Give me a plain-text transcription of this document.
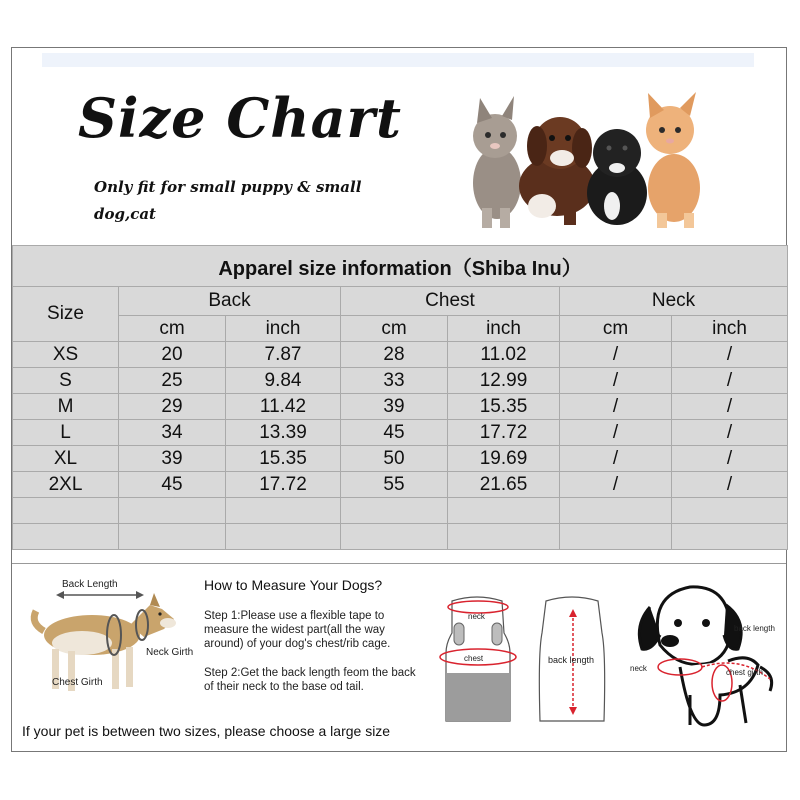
Size Chart
Only fit for small puppy & small dog,cat
Apparel size information（Shiba Inu）						
Size	Back		Chest		Neck	
	cm	inch	cm	inch	cm	inch
XS	20	7.87	28	11.02	/	/
S	25	9.84	33	12.99	/	/
M	29	11.42	39	15.35	/	/
L	34	13.39	45	17.72	/	/
XL	39	15.35	50	19.69	/	/
2XL	45	17.72	55	21.65	/	/

Back Length
Neck Girth
Chest Girth
How to Measure Your Dogs?
Step 1:Please use a flexible tape to measure the widest part(all the way around) of your dog's chest/rib cage.
Step 2:Get the back length feom the back of their neck to the base od tail.
neck
chest	back length
back length
chest girth
neck
If your pet is between two sizes, please choose a large size
